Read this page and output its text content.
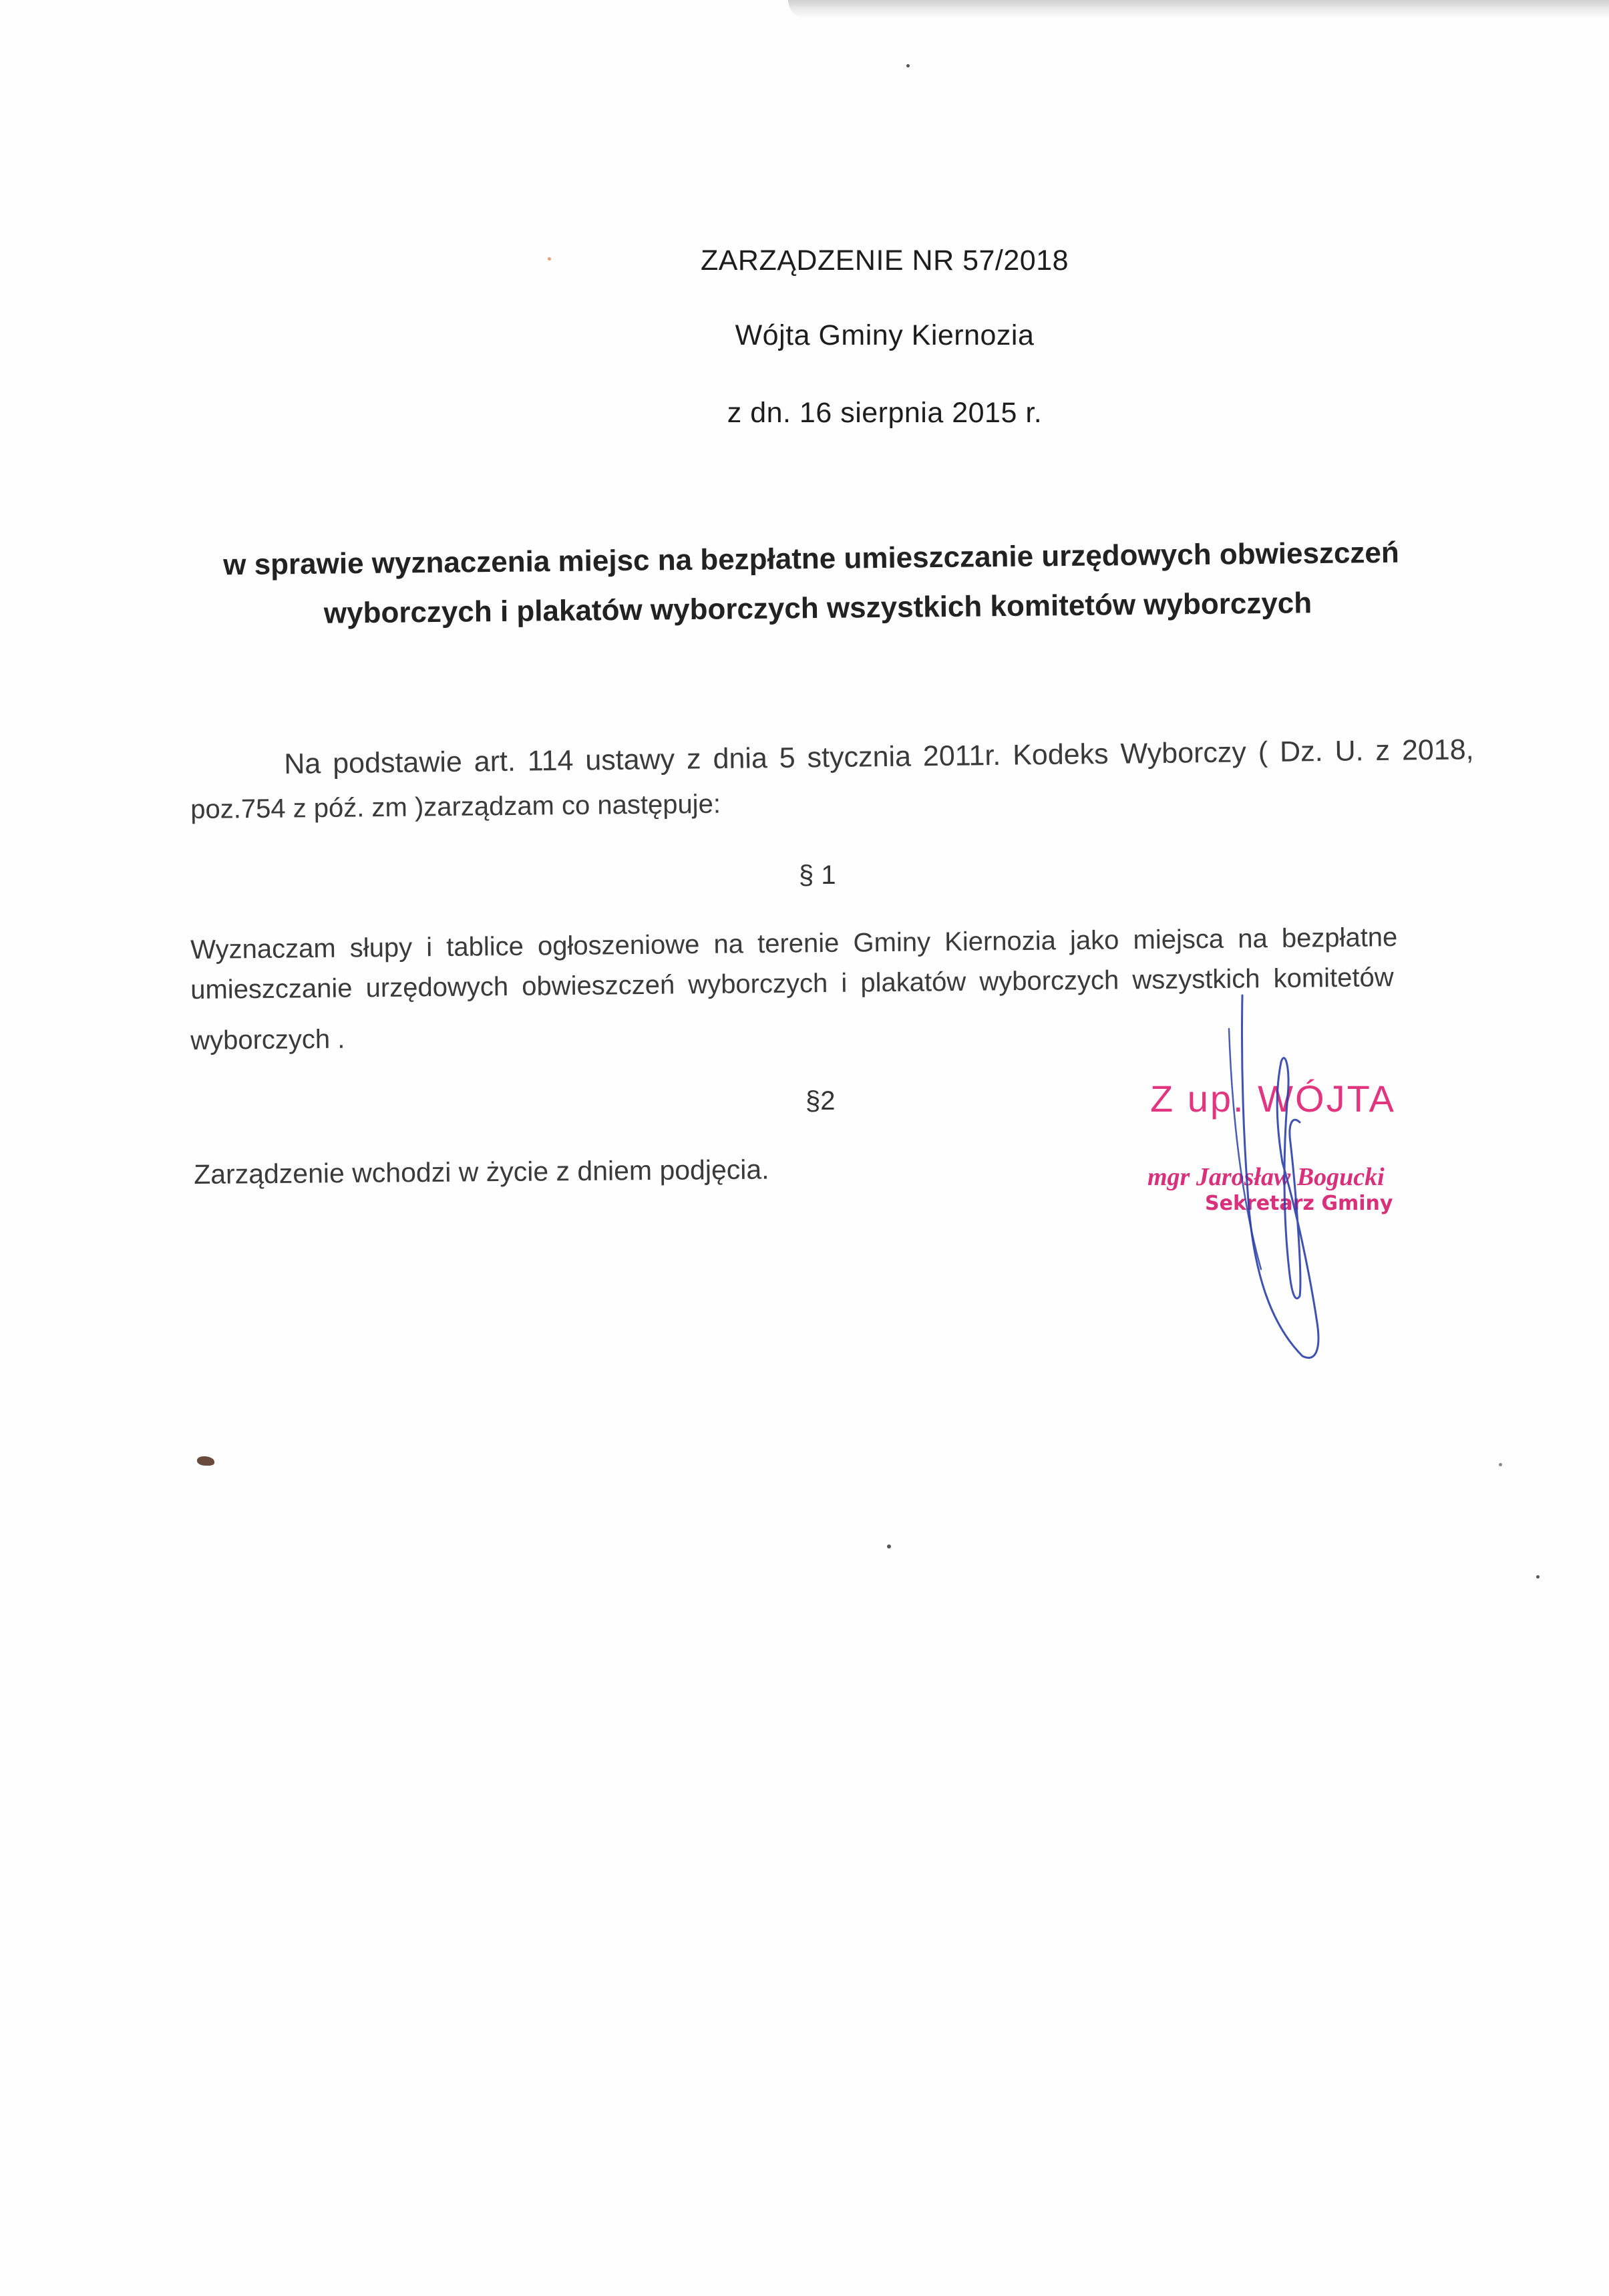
ZARZĄDZENIE NR 57/2018
Wójta Gminy Kiernozia
z dn. 16 sierpnia 2015 r.
w sprawie wyznaczenia miejsc na bezpłatne umieszczanie urzędowych obwieszczeń
wyborczych i plakatów wyborczych wszystkich komitetów wyborczych
Na podstawie art. 114 ustawy z dnia 5 stycznia 2011r. Kodeks Wyborczy ( Dz. U. z 2018,
poz.754 z póź. zm )zarządzam co następuje:
§ 1
Wyznaczam słupy i tablice ogłoszeniowe na terenie Gminy Kiernozia jako miejsca na bezpłatne
umieszczanie urzędowych obwieszczeń wyborczych i plakatów wyborczych wszystkich komitetów
wyborczych .
§2
Zarządzenie wchodzi w życie z dniem podjęcia.
Z up. WÓJTA
mgr Jarosław Bogucki
Sekretarz Gminy
